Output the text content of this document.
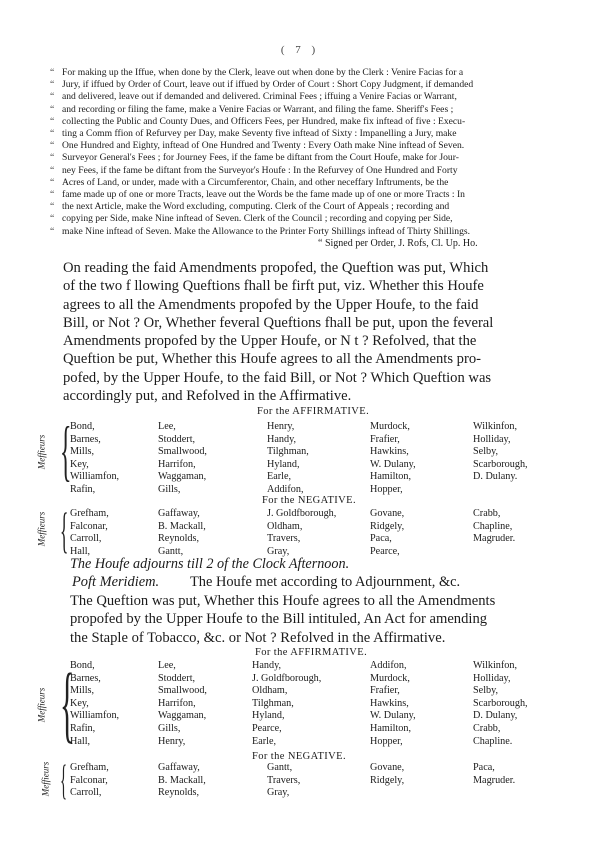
( 7 )
“ For making up the Iffue, when done by the Clerk, leave out when done by the Clerk : Venire Facias for a
“ Jury, if iffued by Order of Court, leave out if iffued by Order of Court : Short Copy Judgment, if demanded
“ and delivered, leave out if demanded and delivered. Criminal Fees ; iffuing a Venire Facias or Warrant,
“ and recording or filing the fame, make a Venire Facias or Warrant, and filing the fame. Sheriff's Fees ;
“ collecting the Public and County Dues, and Officers Fees, per Hundred, make fix inftead of five : Execu-
“ ting a Comm ffion of Refurvey per Day, make Seventy five inftead of Sixty : Impanelling a Jury, make
“ One Hundred and Eighty, inftead of One Hundred and Twenty : Every Oath make Nine inftead of Seven.
“ Surveyor General's Fees ; for Journey Fees, if the fame be diftant from the Court Houfe, make for Jour-
“ ney Fees, if the fame be diftant from the Surveyor's Houfe : In the Refurvey of One Hundred and Forty
“ Acres of Land, or under, made with a Circumferentor, Chain, and other neceffary Inftruments, be the
“ fame made up of one or more Tracts, leave out the Words be the fame made up of one or more Tracts : In
“ the next Article, make the Word excluding, computing. Clerk of the Court of Appeals ; recording and
“ copying per Side, make Nine inftead of Seven. Clerk of the Council ; recording and copying per Side,
“ make Nine inftead of Seven. Make the Allowance to the Printer Forty Shillings inftead of Thirty Shillings.
“ Signed per Order, J. Rofs, Cl. Up. Ho.
On reading the faid Amendments propofed, the Queftion was put, Which
of the two f llowing Queftions fhall be firft put, viz. Whether this Houfe
agrees to all the Amendments propofed by the Upper Houfe, to the faid
Bill, or Not ? Or, Whether feveral Queftions fhall be put, upon the feveral
Amendments propofed by the Upper Houfe, or N t ? Refolved, that the
Queftion be put, Whether this Houfe agrees to all the Amendments pro-
pofed, by the Upper Houfe, to the faid Bill, or Not ? Which Queftion was
accordingly put, and Refolved in the Affirmative.
For the AFFIRMATIVE.
Meffieurs {
Bond,
Barnes,
Mills,
Key,
Williamfon,
Rafin,
Lee,
Stoddert,
Smallwood,
Harrifon,
Waggaman,
Gills,
Henry,
Handy,
Tilghman,
Hyland,
Earle,
Addifon,
Murdock,
Frafier,
Hawkins,
W. Dulany,
Hamilton,
Hopper,
Wilkinfon,
Holliday,
Selby,
Scarborough,
D. Dulany.
For the NEGATIVE.
Meffieurs { Grefham,
Falconar,
Carroll,
Hall,
Gaffaway,
B. Mackall,
Reynolds,
Gantt,
J. Goldfborough,
Oldham,
Travers,
Gray,
Govane,
Ridgely,
Paca,
Pearce,
Crabb,
Chapline,
Magruder.
The Houfe adjourns till 2 of the Clock Afternoon.
Poft Meridiem. The Houfe met according to Adjournment, &c.
The Queftion was put, Whether this Houfe agrees to all the Amendments
propofed by the Upper Houfe to the Bill intituled, An Act for amending
the Staple of Tobacco, &c. or Not ? Refolved in the Affirmative.
For the AFFIRMATIVE.
Meffieurs {
Bond,
Barnes,
Mills,
Key,
Williamfon,
Rafin,
Hall,
Lee,
Stoddert,
Smallwood,
Harrifon,
Waggaman,
Gills,
Henry,
Handy,
J. Goldfborough,
Oldham,
Tilghman,
Hyland,
Pearce,
Earle,
Addifon,
Murdock,
Frafier,
Hawkins,
W. Dulany,
Hamilton,
Hopper,
Wilkinfon,
Holliday,
Selby,
Scarborough,
D. Dulany,
Crabb,
Chapline.
For the NEGATIVE.
Meffieurs { Grefham,
Falconar,
Carroll,
Gaffaway,
B. Mackall,
Reynolds,
Gantt,
Travers,
Gray,
Govane,
Ridgely,
Paca,
Magruder.
